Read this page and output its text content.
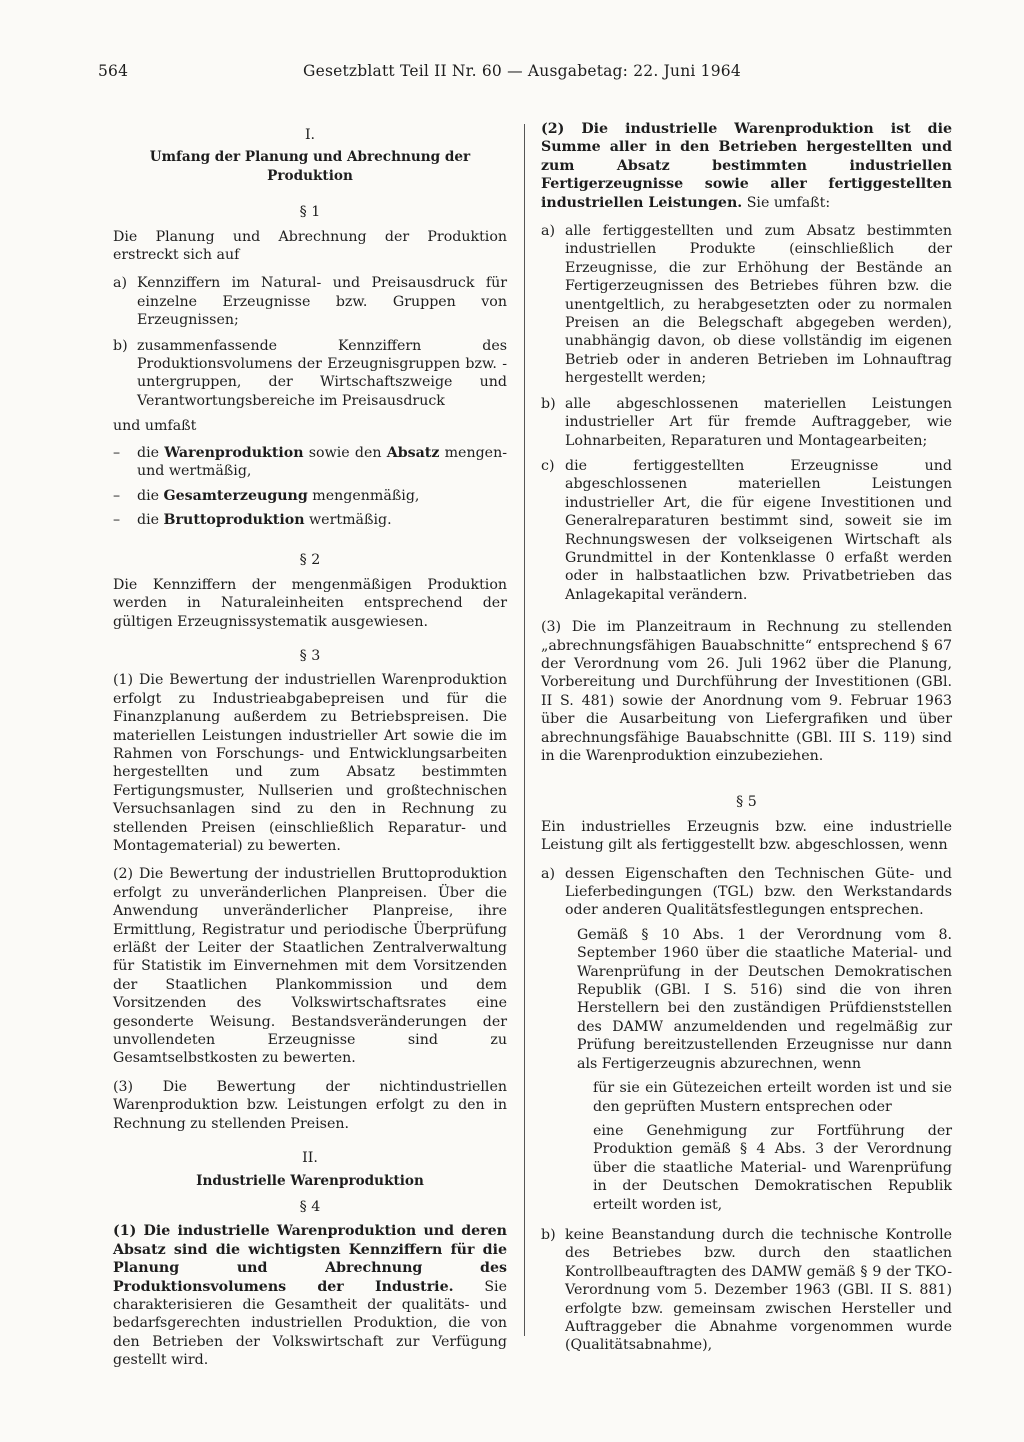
564	Gesetzblatt Teil II Nr. 60 — Ausgabetag: 22. Juni 1964

I.

Umfang der Planung und Abrechnung der Produktion

§ 1

Die Planung und Abrechnung der Produktion erstreckt sich auf

a) Kennziffern im Natural- und Preisausdruck für einzelne Erzeugnisse bzw. Gruppen von Erzeugnissen;
b) zusammenfassende Kennziffern des Produktionsvolumens der Erzeugnisgruppen bzw. -untergruppen, der Wirtschaftszweige und Verantwortungsbereiche im Preisausdruck

und umfaßt

–	die Warenproduktion sowie den Absatz mengen- und wertmäßig,
–	die Gesamterzeugung mengenmäßig,
–	die Bruttoproduktion wertmäßig.

§ 2

Die Kennziffern der mengenmäßigen Produktion werden in Naturaleinheiten entsprechend der gültigen Erzeugnissystematik ausgewiesen.

§ 3

(1) Die Bewertung der industriellen Warenproduktion erfolgt zu Industrieabgabepreisen und für die Finanzplanung außerdem zu Betriebspreisen. Die materiellen Leistungen industrieller Art sowie die im Rahmen von Forschungs- und Entwicklungsarbeiten hergestellten und zum Absatz bestimmten Fertigungsmuster, Nullserien und großtechnischen Versuchsanlagen sind zu den in Rechnung zu stellenden Preisen (einschließlich Reparatur- und Montagematerial) zu bewerten.

(2) Die Bewertung der industriellen Bruttoproduktion erfolgt zu unveränderlichen Planpreisen. Über die Anwendung unveränderlicher Planpreise, ihre Ermittlung, Registratur und periodische Überprüfung erläßt der Leiter der Staatlichen Zentralverwaltung für Statistik im Einvernehmen mit dem Vorsitzenden der Staatlichen Plankommission und dem Vorsitzenden des Volkswirtschaftsrates eine gesonderte Weisung. Bestandsveränderungen der unvollendeten Erzeugnisse sind zu Gesamtselbstkosten zu bewerten.

(3) Die Bewertung der nichtindustriellen Warenproduktion bzw. Leistungen erfolgt zu den in Rechnung zu stellenden Preisen.

II.

Industrielle Warenproduktion

§ 4

(1) Die industrielle Warenproduktion und deren Absatz sind die wichtigsten Kennziffern für die Planung und Abrechnung des Produktionsvolumens der Industrie. Sie charakterisieren die Gesamtheit der qualitäts- und bedarfsgerechten industriellen Produktion, die von den Betrieben der Volkswirtschaft zur Verfügung gestellt wird.

(2) Die industrielle Warenproduktion ist die Summe aller in den Betrieben hergestellten und zum Absatz bestimmten industriellen Fertigerzeugnisse sowie aller fertiggestellten industriellen Leistungen. Sie umfaßt:

a) alle fertiggestellten und zum Absatz bestimmten industriellen Produkte (einschließlich der Erzeugnisse, die zur Erhöhung der Bestände an Fertigerzeugnissen des Betriebes führen bzw. die unentgeltlich, zu herabgesetzten oder zu normalen Preisen an die Belegschaft abgegeben werden), unabhängig davon, ob diese vollständig im eigenen Betrieb oder in anderen Betrieben im Lohnauftrag hergestellt werden;
b) alle abgeschlossenen materiellen Leistungen industrieller Art für fremde Auftraggeber, wie Lohnarbeiten, Reparaturen und Montagearbeiten;
c) die fertiggestellten Erzeugnisse und abgeschlossenen materiellen Leistungen industrieller Art, die für eigene Investitionen und Generalreparaturen bestimmt sind, soweit sie im Rechnungswesen der volkseigenen Wirtschaft als Grundmittel in der Kontenklasse 0 erfaßt werden oder in halbstaatlichen bzw. Privatbetrieben das Anlagekapital verändern.

(3) Die im Planzeitraum in Rechnung zu stellenden „abrechnungsfähigen Bauabschnitte“ entsprechend § 67 der Verordnung vom 26. Juli 1962 über die Planung, Vorbereitung und Durchführung der Investitionen (GBl. II S. 481) sowie der Anordnung vom 9. Februar 1963 über die Ausarbeitung von Liefergrafiken und über abrechnungsfähige Bauabschnitte (GBl. III S. 119) sind in die Warenproduktion einzubeziehen.

§ 5

Ein industrielles Erzeugnis bzw. eine industrielle Leistung gilt als fertiggestellt bzw. abgeschlossen, wenn

a) dessen Eigenschaften den Technischen Güte- und Lieferbedingungen (TGL) bzw. den Werkstandards oder anderen Qualitätsfestlegungen entsprechen.

Gemäß § 10 Abs. 1 der Verordnung vom 8. September 1960 über die staatliche Material- und Warenprüfung in der Deutschen Demokratischen Republik (GBl. I S. 516) sind die von ihren Herstellern bei den zuständigen Prüfdienststellen des DAMW anzumeldenden und regelmäßig zur Prüfung bereitzustellenden Erzeugnisse nur dann als Fertigerzeugnis abzurechnen, wenn

für sie ein Gütezeichen erteilt worden ist und sie den geprüften Mustern entsprechen oder

eine Genehmigung zur Fortführung der Produktion gemäß § 4 Abs. 3 der Verordnung über die staatliche Material- und Warenprüfung in der Deutschen Demokratischen Republik erteilt worden ist,

b) keine Beanstandung durch die technische Kontrolle des Betriebes bzw. durch den staatlichen Kontrollbeauftragten des DAMW gemäß § 9 der TKO-Verordnung vom 5. Dezember 1963 (GBl. II S. 881) erfolgte bzw. gemeinsam zwischen Hersteller und Auftraggeber die Abnahme vorgenommen wurde (Qualitätsabnahme),
